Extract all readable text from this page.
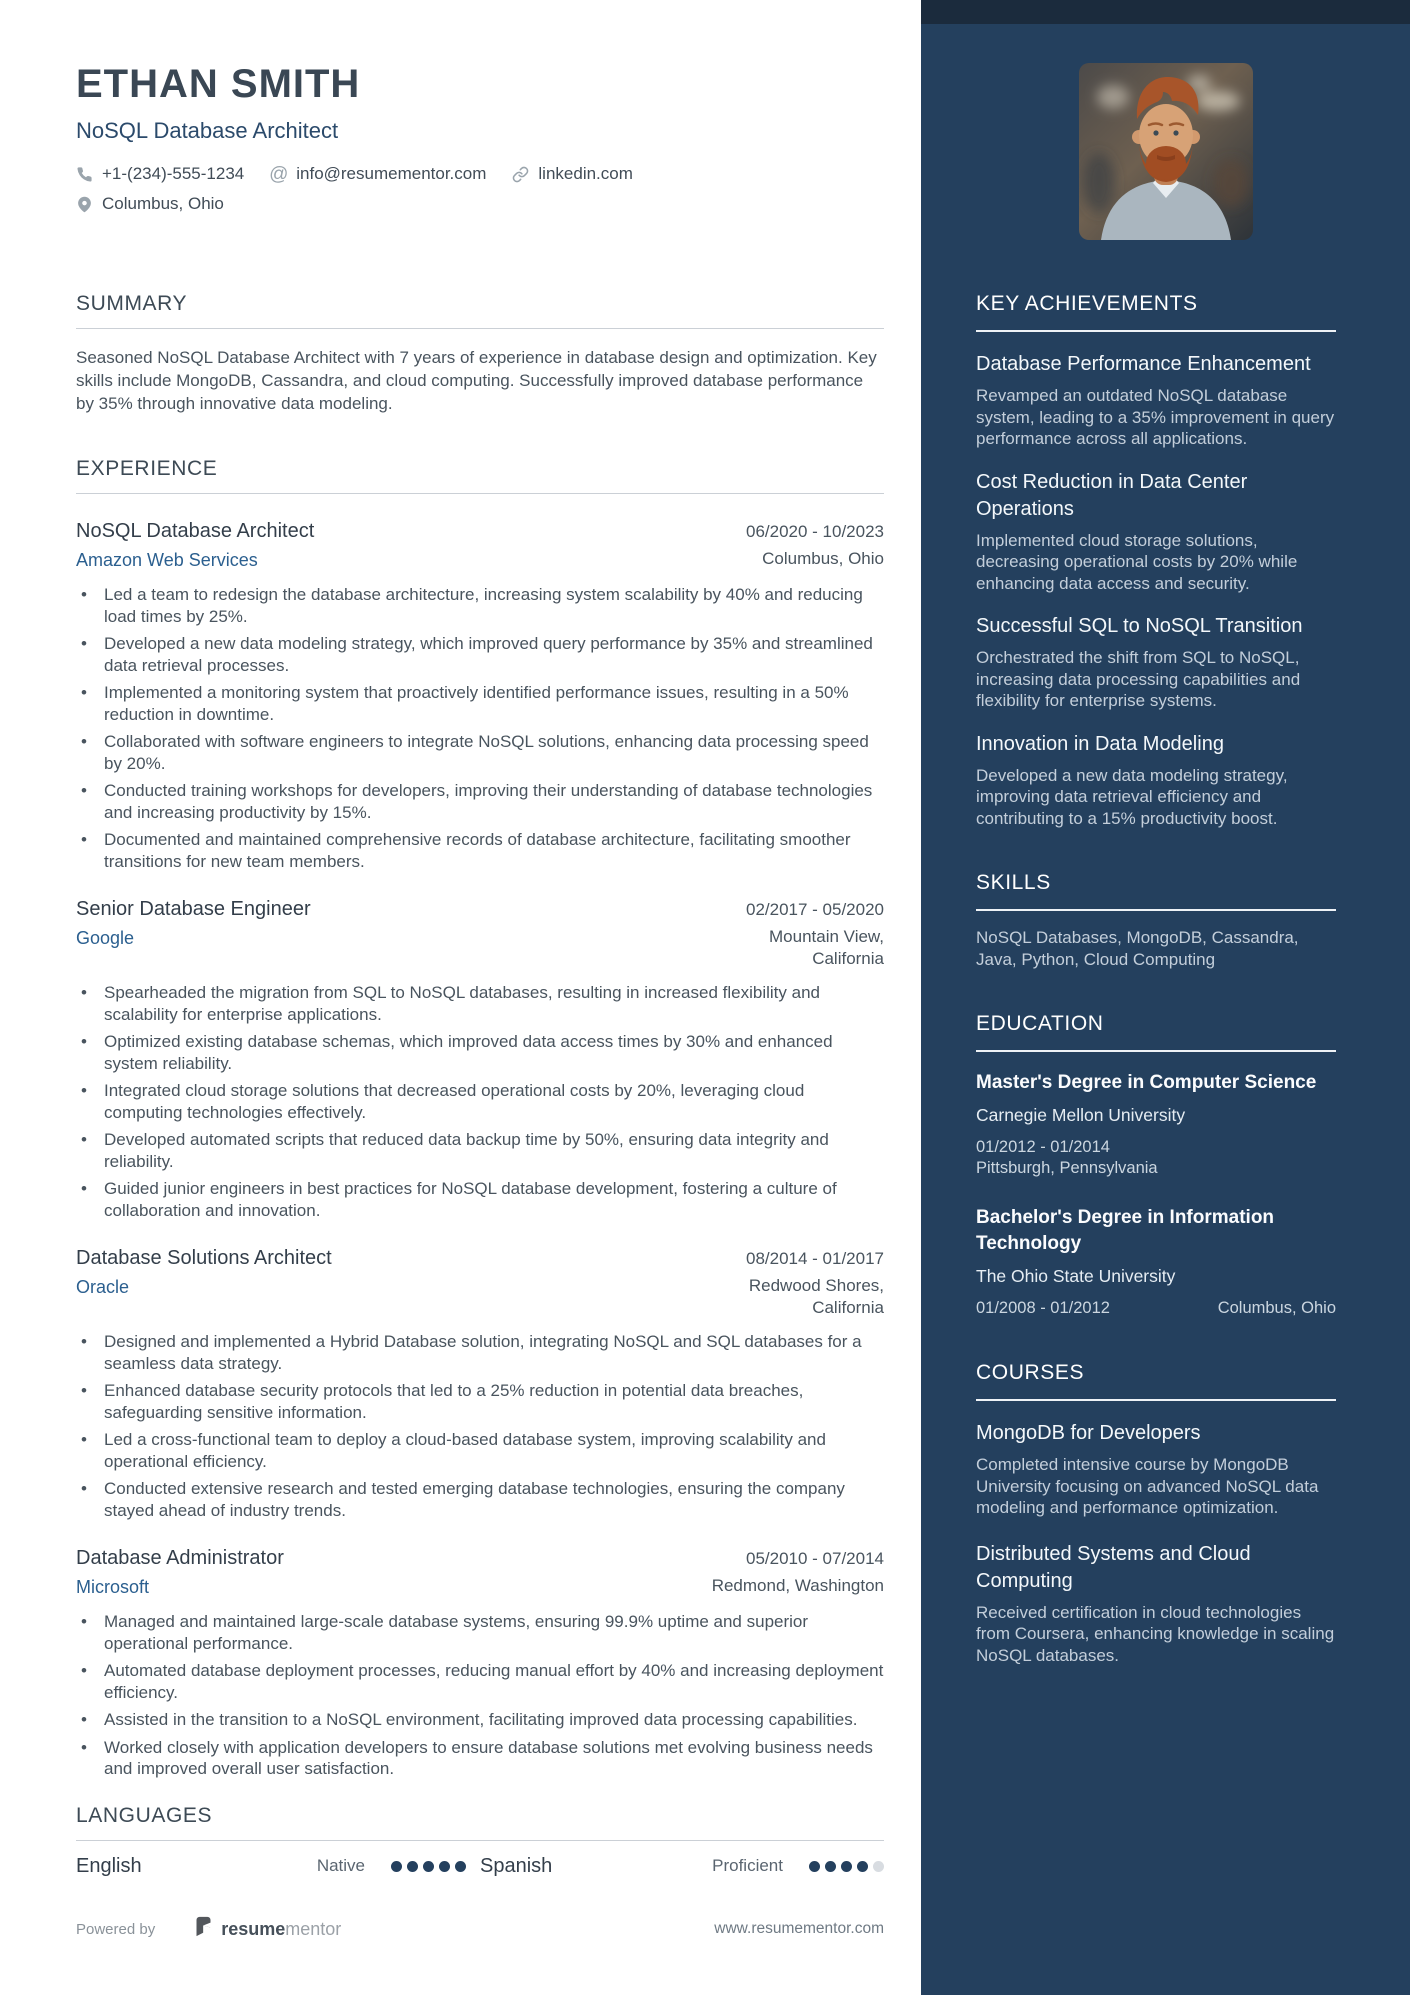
ETHAN SMITH
NoSQL Database Architect
+1-(234)-555-1234 @ info@resumementor.com	linkedin.com
Columbus, Ohio
SUMMARY
Seasoned NoSQL Database Architect with 7 years of experience in database design and optimization. Key skills include MongoDB, Cassandra, and cloud computing. Successfully improved database performance by 35% through innovative data modeling.
EXPERIENCE
NoSQL Database Architect	06/2020 - 10/2023
Amazon Web Services	Columbus, Ohio
• Led a team to redesign the database architecture, increasing system scalability by 40% and reducing load times by 25%.
• Developed a new data modeling strategy, which improved query performance by 35% and streamlined data retrieval processes.
• Implemented a monitoring system that proactively identified performance issues, resulting in a 50% reduction in downtime.
• Collaborated with software engineers to integrate NoSQL solutions, enhancing data processing speed by 20%.
• Conducted training workshops for developers, improving their understanding of database technologies and increasing productivity by 15%.
• Documented and maintained comprehensive records of database architecture, facilitating smoother transitions for new team members.
Senior Database Engineer	02/2017 - 05/2020
Google	Mountain View, California
• Spearheaded the migration from SQL to NoSQL databases, resulting in increased flexibility and scalability for enterprise applications.
• Optimized existing database schemas, which improved data access times by 30% and enhanced system reliability.
• Integrated cloud storage solutions that decreased operational costs by 20%, leveraging cloud computing technologies effectively.
• Developed automated scripts that reduced data backup time by 50%, ensuring data integrity and reliability.
• Guided junior engineers in best practices for NoSQL database development, fostering a culture of collaboration and innovation.
Database Solutions Architect	08/2014 - 01/2017
Oracle	Redwood Shores, California
• Designed and implemented a Hybrid Database solution, integrating NoSQL and SQL databases for a seamless data strategy.
• Enhanced database security protocols that led to a 25% reduction in potential data breaches, safeguarding sensitive information.
• Led a cross-functional team to deploy a cloud-based database system, improving scalability and operational efficiency.
• Conducted extensive research and tested emerging database technologies, ensuring the company stayed ahead of industry trends.
Database Administrator	05/2010 - 07/2014
Microsoft	Redmond, Washington
• Managed and maintained large-scale database systems, ensuring 99.9% uptime and superior operational performance.
• Automated database deployment processes, reducing manual effort by 40% and increasing deployment efficiency.
• Assisted in the transition to a NoSQL environment, facilitating improved data processing capabilities.
• Worked closely with application developers to ensure database solutions met evolving business needs and improved overall user satisfaction.
LANGUAGES
English	Native	Spanish	Proficient
KEY ACHIEVEMENTS
Database Performance Enhancement
Revamped an outdated NoSQL database system, leading to a 35% improvement in query performance across all applications.
Cost Reduction in Data Center Operations
Implemented cloud storage solutions, decreasing operational costs by 20% while enhancing data access and security.
Successful SQL to NoSQL Transition
Orchestrated the shift from SQL to NoSQL, increasing data processing capabilities and flexibility for enterprise systems.
Innovation in Data Modeling
Developed a new data modeling strategy, improving data retrieval efficiency and contributing to a 15% productivity boost.
SKILLS
NoSQL Databases, MongoDB, Cassandra, Java, Python, Cloud Computing
EDUCATION
Master's Degree in Computer Science
Carnegie Mellon University
01/2012 - 01/2014
Pittsburgh, Pennsylvania
Bachelor's Degree in Information Technology
The Ohio State University
01/2008 - 01/2012	Columbus, Ohio
COURSES
MongoDB for Developers
Completed intensive course by MongoDB University focusing on advanced NoSQL data modeling and performance optimization.
Distributed Systems and Cloud Computing
Received certification in cloud technologies from Coursera, enhancing knowledge in scaling NoSQL databases.
Powered by	resumementor	www.resumementor.com
